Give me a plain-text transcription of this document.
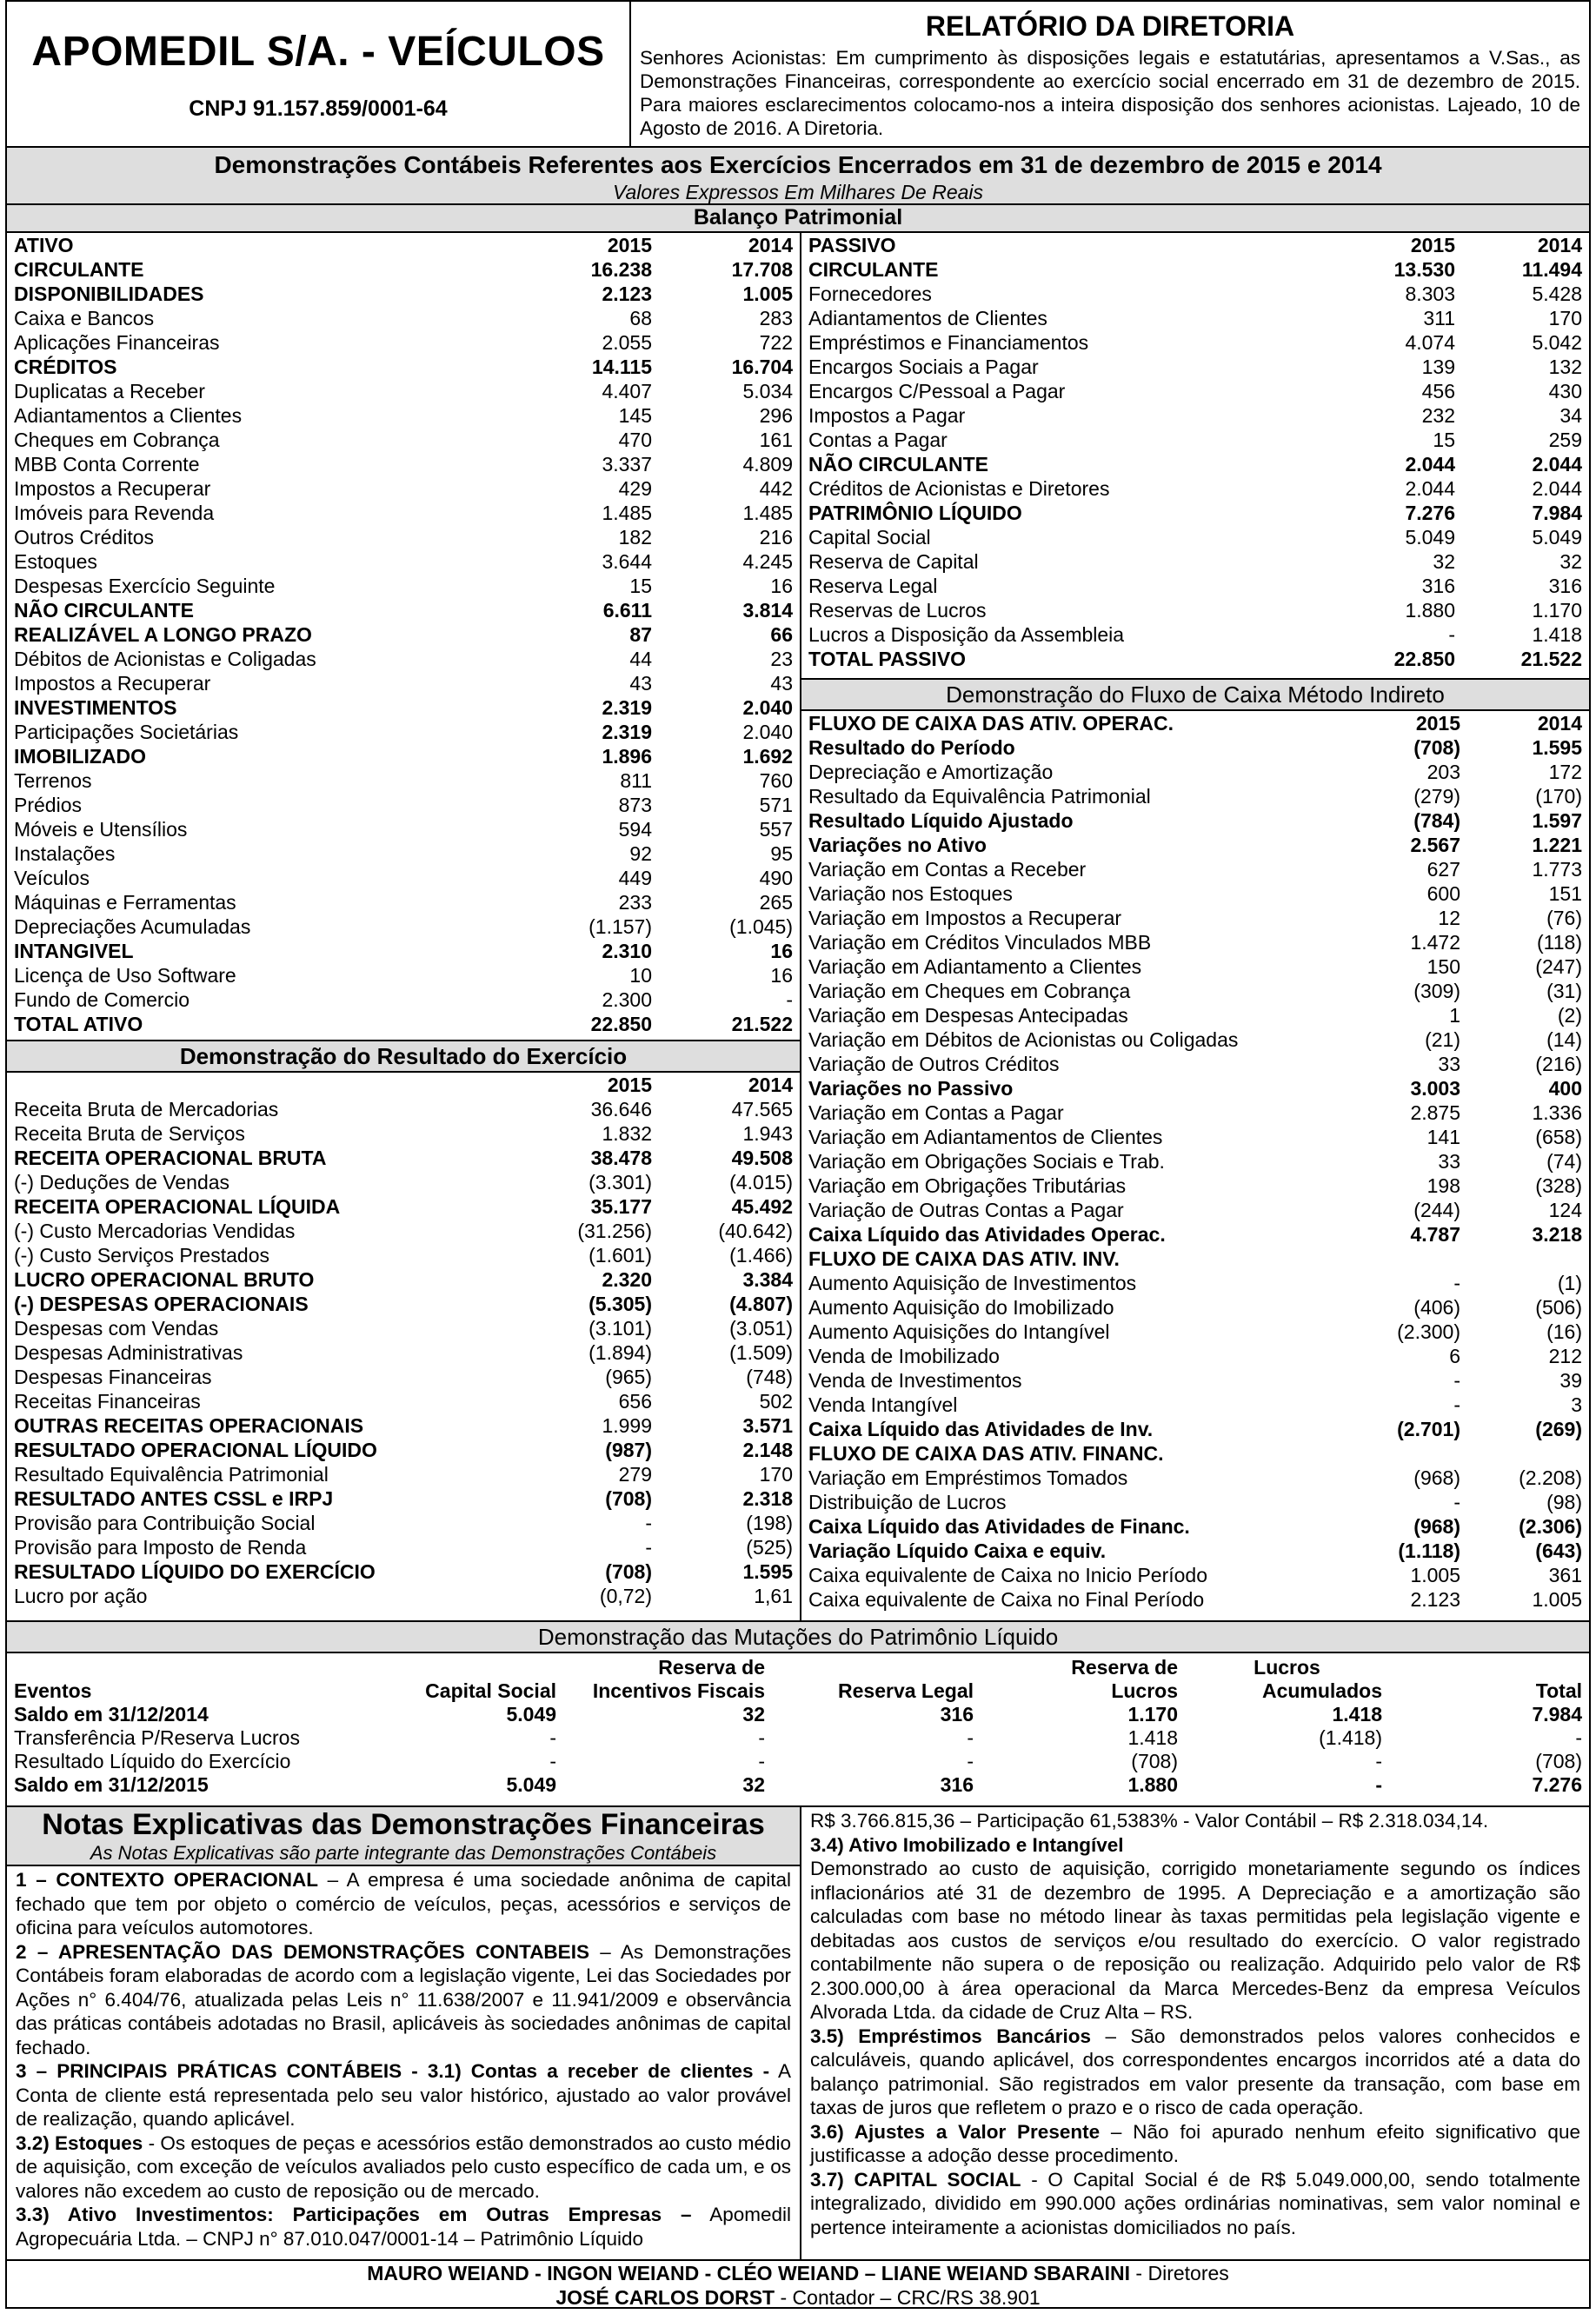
APOMEDIL S/A. - VEÍCULOS
CNPJ 91.157.859/0001-64
RELATÓRIO DA DIRETORIA
Senhores Acionistas: Em cumprimento às disposições legais e estatutárias, apresentamos a V.Sas., as Demonstrações Financeiras, correspondente ao exercício social encerrado em 31 de dezembro de 2015. Para maiores esclarecimentos colocamo-nos a inteira disposição dos senhores acionistas. Lajeado, 10 de Agosto de 2016. A Diretoria.
Demonstrações Contábeis Referentes aos Exercícios Encerrados em 31 de dezembro de 2015 e 2014
Valores Expressos Em Milhares De Reais
Balanço Patrimonial
ATIVO	2015	2014
CIRCULANTE	16.238	17.708
DISPONIBILIDADES	2.123	1.005
Caixa e Bancos	68	283
Aplicações Financeiras	2.055	722
CRÉDITOS	14.115	16.704
Duplicatas a Receber	4.407	5.034
Adiantamentos a Clientes	145	296
Cheques em Cobrança	470	161
MBB Conta Corrente	3.337	4.809
Impostos a Recuperar	429	442
Imóveis para Revenda	1.485	1.485
Outros Créditos	182	216
Estoques	3.644	4.245
Despesas Exercício Seguinte	15	16
NÃO CIRCULANTE	6.611	3.814
REALIZÁVEL A LONGO PRAZO	87	66
Débitos de Acionistas e Coligadas	44	23
Impostos a Recuperar	43	43
INVESTIMENTOS	2.319	2.040
Participações Societárias	2.319	2.040
IMOBILIZADO	1.896	1.692
Terrenos	811	760
Prédios	873	571
Móveis e Utensílios	594	557
Instalações	92	95
Veículos	449	490
Máquinas e Ferramentas	233	265
Depreciações Acumuladas	(1.157)	(1.045)
INTANGIVEL	2.310	16
Licença de Uso Software	10	16
Fundo de Comercio	2.300	-
TOTAL ATIVO	22.850	21.522
Demonstração do Resultado do Exercício
	2015	2014
Receita Bruta de Mercadorias	36.646	47.565
Receita Bruta de Serviços	1.832	1.943
RECEITA OPERACIONAL BRUTA	38.478	49.508
(-) Deduções de Vendas	(3.301)	(4.015)
RECEITA OPERACIONAL LÍQUIDA	35.177	45.492
(-) Custo Mercadorias Vendidas	(31.256)	(40.642)
(-) Custo Serviços Prestados	(1.601)	(1.466)
LUCRO OPERACIONAL BRUTO	2.320	3.384
(-) DESPESAS OPERACIONAIS	(5.305)	(4.807)
Despesas com Vendas	(3.101)	(3.051)
Despesas Administrativas	(1.894)	(1.509)
Despesas Financeiras	(965)	(748)
Receitas Financeiras	656	502
OUTRAS RECEITAS OPERACIONAIS	1.999	3.571
RESULTADO OPERACIONAL LÍQUIDO	(987)	2.148
Resultado Equivalência Patrimonial	279	170
RESULTADO ANTES CSSL e IRPJ	(708)	2.318
Provisão para Contribuição Social	-	(198)
Provisão para Imposto de Renda	-	(525)
RESULTADO LÍQUIDO DO EXERCÍCIO	(708)	1.595
Lucro por ação	(0,72)	1,61
PASSIVO	2015	2014
CIRCULANTE	13.530	11.494
Fornecedores	8.303	5.428
Adiantamentos de Clientes	311	170
Empréstimos e Financiamentos	4.074	5.042
Encargos Sociais a Pagar	139	132
Encargos C/Pessoal a Pagar	456	430
Impostos a Pagar	232	34
Contas a Pagar	15	259
NÃO CIRCULANTE	2.044	2.044
Créditos de Acionistas e Diretores	2.044	2.044
PATRIMÔNIO LÍQUIDO	7.276	7.984
Capital Social	5.049	5.049
Reserva de Capital	32	32
Reserva Legal	316	316
Reservas de Lucros	1.880	1.170
Lucros a Disposição da Assembleia	-	1.418
TOTAL PASSIVO	22.850	21.522
Demonstração do Fluxo de Caixa Método Indireto
FLUXO DE CAIXA DAS ATIV. OPERAC.	2015	2014
Resultado do Período	(708)	1.595
Depreciação e Amortização	203	172
Resultado da Equivalência Patrimonial	(279)	(170)
Resultado Líquido Ajustado	(784)	1.597
Variações no Ativo	2.567	1.221
Variação em Contas a Receber	627	1.773
Variação nos Estoques	600	151
Variação em Impostos a Recuperar	12	(76)
Variação em Créditos Vinculados MBB	1.472	(118)
Variação em Adiantamento a Clientes	150	(247)
Variação em Cheques em Cobrança	(309)	(31)
Variação em Despesas Antecipadas	1	(2)
Variação em Débitos de Acionistas ou Coligadas	(21)	(14)
Variação de Outros Créditos	33	(216)
Variações no Passivo	3.003	400
Variação em Contas a Pagar	2.875	1.336
Variação em Adiantamentos de Clientes	141	(658)
Variação em Obrigações Sociais e Trab.	33	(74)
Variação em Obrigações Tributárias	198	(328)
Variação de Outras Contas a Pagar	(244)	124
Caixa Líquido das Atividades Operac.	4.787	3.218
FLUXO DE CAIXA DAS ATIV. INV.		
Aumento Aquisição de Investimentos	-	(1)
Aumento Aquisição do Imobilizado	(406)	(506)
Aumento Aquisições do Intangível	(2.300)	(16)
Venda de Imobilizado	6	212
Venda de Investimentos	-	39
Venda Intangível	-	3
Caixa Líquido das Atividades de Inv.	(2.701)	(269)
FLUXO DE CAIXA DAS ATIV. FINANC.		
Variação em Empréstimos Tomados	(968)	(2.208)
Distribuição de Lucros	-	(98)
Caixa Líquido das Atividades de Financ.	(968)	(2.306)
Variação Líquido Caixa e equiv.	(1.118)	(643)
Caixa equivalente de Caixa no Inicio Período	1.005	361
Caixa equivalente de Caixa no Final Período	2.123	1.005
Demonstração das Mutações do Patrimônio Líquido
		Reserva de		Reserva de	Lucros	
Eventos	Capital Social	Incentivos Fiscais	Reserva Legal	Lucros	Acumulados	Total
Saldo em 31/12/2014	5.049	32	316	1.170	1.418	7.984
Transferência P/Reserva Lucros	-	-	-	1.418	(1.418)	-
Resultado Líquido do Exercício	-	-	-	(708)	-	(708)
Saldo em 31/12/2015	5.049	32	316	1.880	-	7.276
Notas Explicativas das Demonstrações Financeiras
As Notas Explicativas são parte integrante das Demonstrações Contábeis
1 – CONTEXTO OPERACIONAL – A empresa é uma sociedade anônima de capital fechado que tem por objeto o comércio de veículos, peças, acessórios e serviços de oficina para veículos automotores.
2 – APRESENTAÇÃO DAS DEMONSTRAÇÕES CONTABEIS – As Demonstrações Contábeis foram elaboradas de acordo com a legislação vigente, Lei das Sociedades por Ações n° 6.404/76, atualizada pelas Leis n° 11.638/2007 e 11.941/2009 e observância das práticas contábeis adotadas no Brasil, aplicáveis às sociedades anônimas de capital fechado.
3 – PRINCIPAIS PRÁTICAS CONTÁBEIS - 3.1) Contas a receber de clientes - A Conta de cliente está representada pelo seu valor histórico, ajustado ao valor provável de realização, quando aplicável.
3.2) Estoques - Os estoques de peças e acessórios estão demonstrados ao custo médio de aquisição, com exceção de veículos avaliados pelo custo específico de cada um, e os valores não excedem ao custo de reposição ou de mercado.
3.3) Ativo Investimentos: Participações em Outras Empresas – Apomedil Agropecuária Ltda. – CNPJ n° 87.010.047/0001-14 – Patrimônio Líquido
R$ 3.766.815,36 – Participação 61,5383% - Valor Contábil – R$ 2.318.034,14.
3.4) Ativo Imobilizado e Intangível
Demonstrado ao custo de aquisição, corrigido monetariamente segundo os índices inflacionários até 31 de dezembro de 1995. A Depreciação e a amortização são calculadas com base no método linear às taxas permitidas pela legislação vigente e debitadas aos custos de serviços e/ou resultado do exercício. O valor registrado contabilmente não supera o de reposição ou realização. Adquirido pelo valor de R$ 2.300.000,00 à área operacional da Marca Mercedes-Benz da empresa Veículos Alvorada Ltda. da cidade de Cruz Alta – RS.
3.5) Empréstimos Bancários – São demonstrados pelos valores conhecidos e calculáveis, quando aplicável, dos correspondentes encargos incorridos até a data do balanço patrimonial. São registrados em valor presente da transação, com base em taxas de juros que refletem o prazo e o risco de cada operação.
3.6) Ajustes a Valor Presente – Não foi apurado nenhum efeito significativo que justificasse a adoção desse procedimento.
3.7) CAPITAL SOCIAL - O Capital Social é de R$ 5.049.000,00, sendo totalmente integralizado, dividido em 990.000 ações ordinárias nominativas, sem valor nominal e pertence inteiramente a acionistas domiciliados no país.
MAURO WEIAND - INGON WEIAND - CLÉO WEIAND – LIANE WEIAND SBARAINI - Diretores
JOSÉ CARLOS DORST - Contador – CRC/RS 38.901
